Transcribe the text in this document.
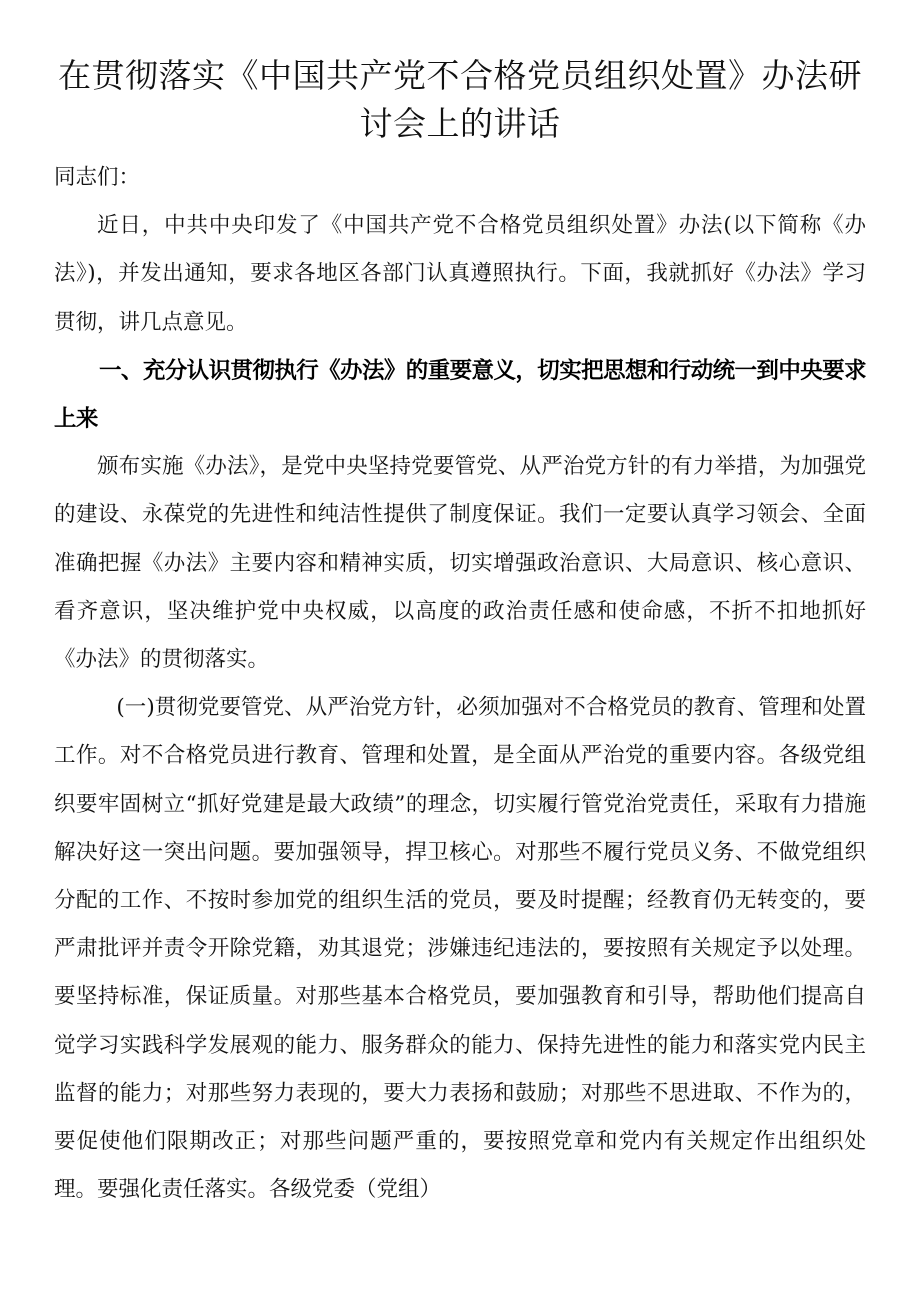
在贯彻落实《中国共产党不合格党员组织处置》办法研讨会上的讲话

同志们：

近日，中共中央印发了《中国共产党不合格党员组织处置》办法(以下简称《办法》)，并发出通知，要求各地区各部门认真遵照执行。下面，我就抓好《办法》学习贯彻，讲几点意见。

一、充分认识贯彻执行《办法》的重要意义，切实把思想和行动统一到中央要求上来

颁布实施《办法》，是党中央坚持党要管党、从严治党方针的有力举措，为加强党的建设、永葆党的先进性和纯洁性提供了制度保证。我们一定要认真学习领会、全面准确把握《办法》主要内容和精神实质，切实增强政治意识、大局意识、核心意识、看齐意识，坚决维护党中央权威，以高度的政治责任感和使命感，不折不扣地抓好《办法》的贯彻落实。

(一)贯彻党要管党、从严治党方针，必须加强对不合格党员的教育、管理和处置工作。对不合格党员进行教育、管理和处置，是全面从严治党的重要内容。各级党组织要牢固树立“抓好党建是最大政绩”的理念，切实履行管党治党责任，采取有力措施解决好这一突出问题。要加强领导，捍卫核心。对那些不履行党员义务、不做党组织分配的工作、不按时参加党的组织生活的党员，要及时提醒；经教育仍无转变的，要严肃批评并责令开除党籍，劝其退党；涉嫌违纪违法的，要按照有关规定予以处理。要坚持标准，保证质量。对那些基本合格党员，要加强教育和引导，帮助他们提高自觉学习实践科学发展观的能力、服务群众的能力、保持先进性的能力和落实党内民主监督的能力；对那些努力表现的，要大力表扬和鼓励；对那些不思进取、不作为的，要促使他们限期改正；对那些问题严重的，要按照党章和党内有关规定作出组织处理。要强化责任落实。各级党委（党组）
